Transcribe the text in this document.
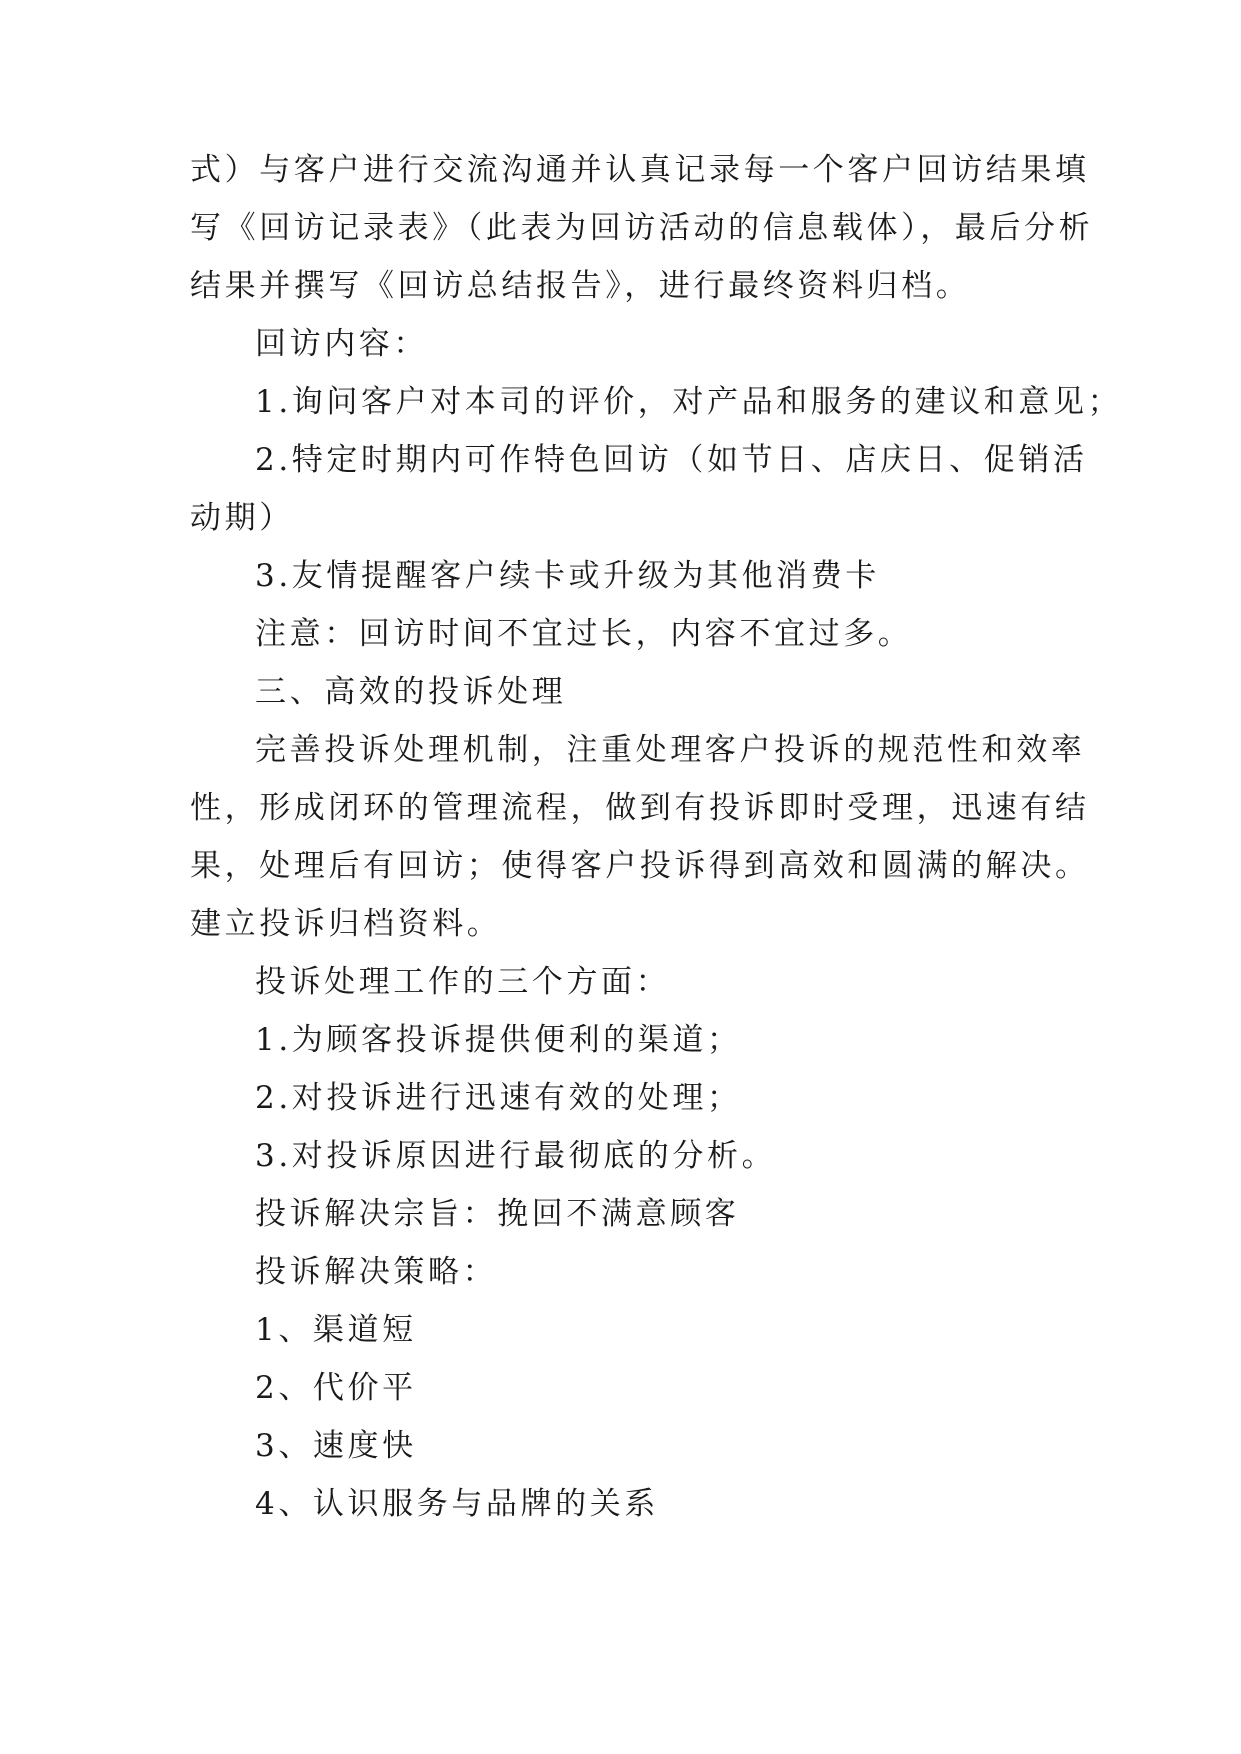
式）与客户进行交流沟通并认真记录每一个客户回访结果填
写《回访记录表》（此表为回访活动的信息载体），最后分析
结果并撰写《回访总结报告》，进行最终资料归档。
回访内容：
1.询问客户对本司的评价，对产品和服务的建议和意见；
2.特定时期内可作特色回访（如节日、店庆日、促销活
动期）
3.友情提醒客户续卡或升级为其他消费卡
注意：回访时间不宜过长，内容不宜过多。
三、高效的投诉处理
完善投诉处理机制，注重处理客户投诉的规范性和效率
性，形成闭环的管理流程，做到有投诉即时受理，迅速有结
果，处理后有回访；使得客户投诉得到高效和圆满的解决。
建立投诉归档资料。
投诉处理工作的三个方面：
1.为顾客投诉提供便利的渠道；
2.对投诉进行迅速有效的处理；
3.对投诉原因进行最彻底的分析。
投诉解决宗旨：挽回不满意顾客
投诉解决策略：
1、渠道短
2、代价平
3、速度快
4、认识服务与品牌的关系
